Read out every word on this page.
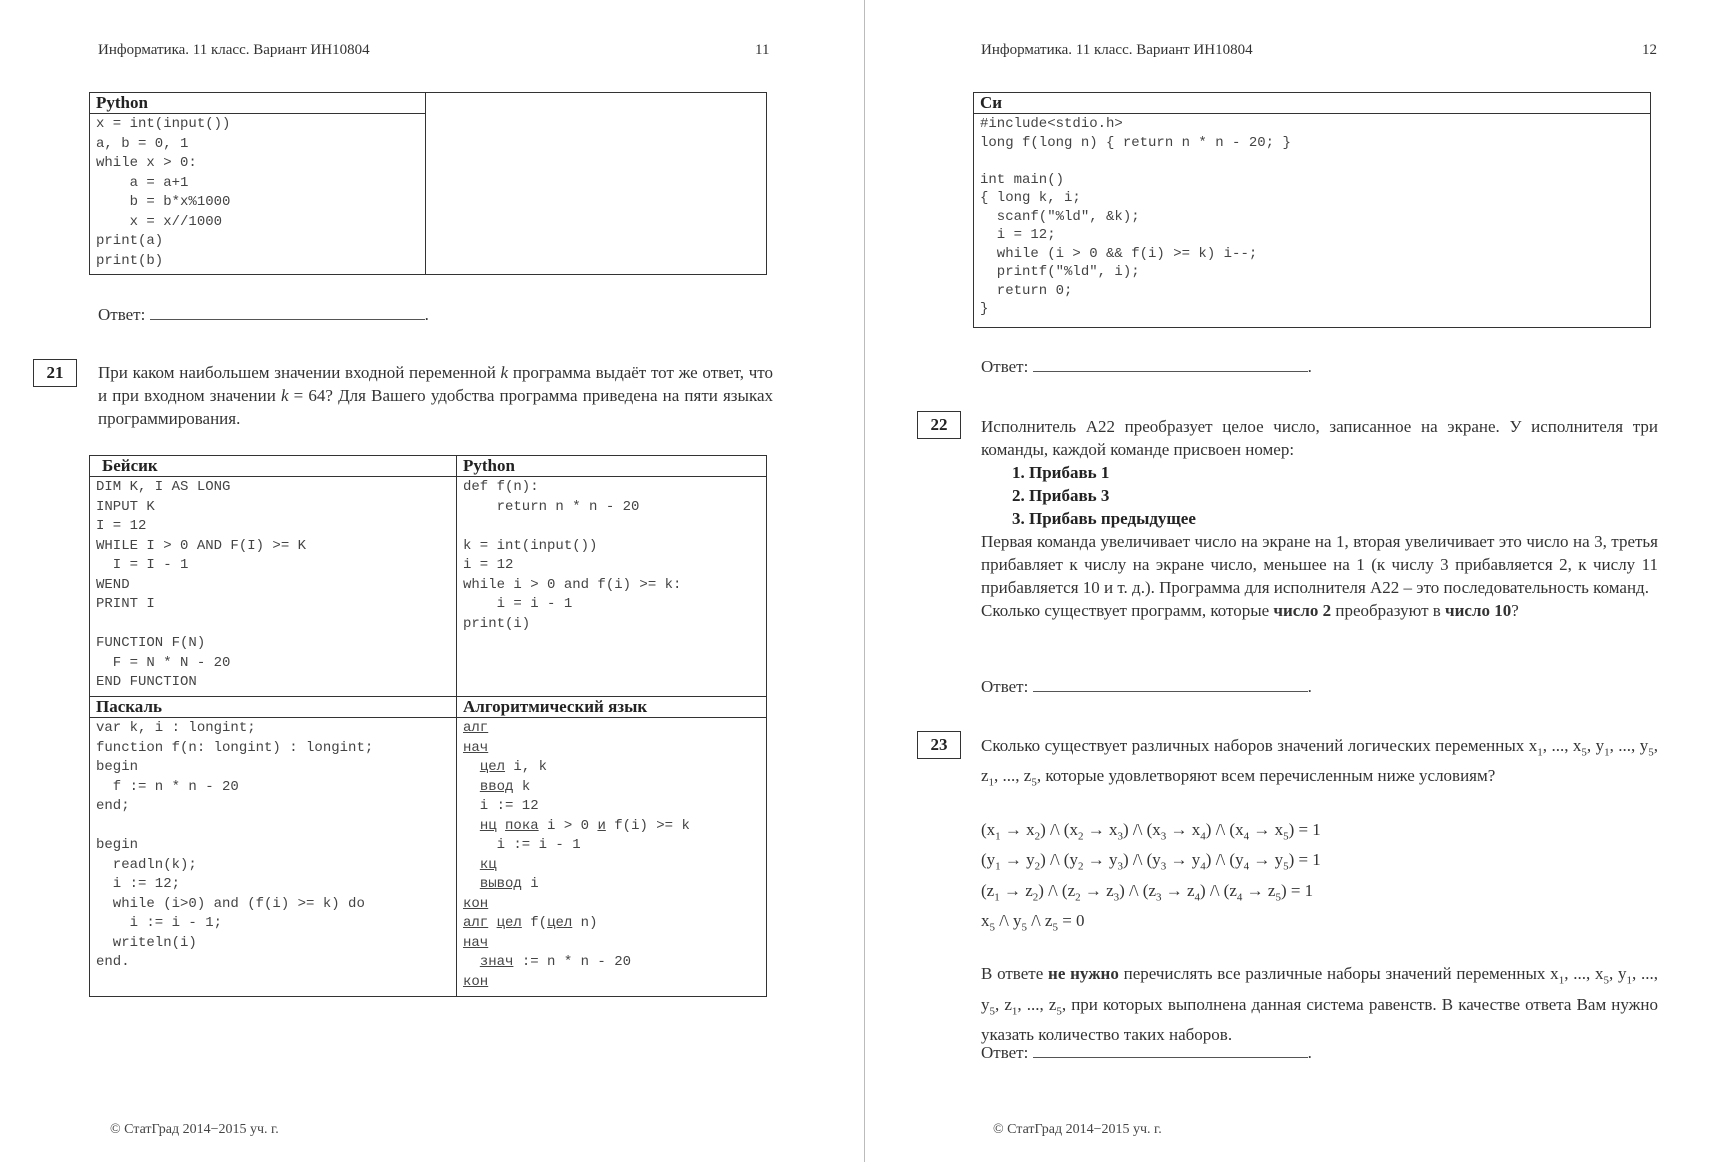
Информатика. 11 класс. Вариант ИН10804	11
Python
x = int(input())
a, b = 0, 1
while x > 0:
a = a+1
b = b*x%1000
x = x//1000
print(a)
print(b)
Ответ:	.
21	При каком наибольшем значении входной переменной k программа выдаёт тот же ответ, что и при входном значении k = 64? Для Вашего удобства программа приведена на пяти языках программирования.
Бейсик
DIM K, I AS LONG
INPUT K
I = 12
WHILE I > 0 AND F(I) >= K
I = I - 1
WEND
PRINT I

FUNCTION F(N)
F = N * N - 20
END FUNCTION
Python
def f(n):
return n * n - 20

k = int(input())
i = 12
while i > 0 and f(i) >= k:
i = i - 1
print(i)
Паскаль
var k, i : longint;
function f(n: longint) : longint;
begin
f := n * n - 20
end;

begin
readln(k);
i := 12;
while (i>0) and (f(i) >= k) do
i := i - 1;
writeln(i)
end.
Алгоритмический язык
алг
нач
цел i, k
ввод k
i := 12
нц пока i > 0 и f(i) >= k
i := i - 1
кц
вывод i
кон
алг цел f(цел n)
нач
знач := n * n - 20
кон
© СтатГрад 2014−2015 уч. г.
Информатика. 11 класс. Вариант ИН10804	12
Си
#include<stdio.h>
long f(long n) { return n * n - 20; }

int main()
{ long k, i;
scanf("%ld", &k);
i = 12;
while (i > 0 && f(i) >= k) i--;
printf("%ld", i);
return 0;
}
Ответ:	.
22	Исполнитель А22 преобразует целое число, записанное на экране. У исполнителя три команды, каждой команде присвоен номер:
1. Прибавь 1
2. Прибавь 3
3. Прибавь предыдущее
Первая команда увеличивает число на экране на 1, вторая увеличивает это число на 3, третья прибавляет к числу на экране число, меньшее на 1 (к числу 3 прибавляется 2, к числу 11 прибавляется 10 и т. д.). Программа для исполнителя А22 – это последовательность команд.
Сколько существует программ, которые число 2 преобразуют в число 10?
Ответ:	.
23	Сколько существует различных наборов значений логических переменных $x_1$, ..., $x_5$, $y_1$, ..., $y_5$, $z_1$, ..., $z_5$, которые удовлетворяют всем перечисленным ниже условиям?
$(x_1 \to x_2)$ /\ $(x_2 \to x_3)$ /\ $(x_3 \to x_4)$ /\ $(x_4 \to x_5) = 1$
$(y_1 \to y_2)$ /\ $(y_2 \to y_3)$ /\ $(y_3 \to y_4)$ /\ $(y_4 \to y_5) = 1$
$(z_1 \to z_2)$ /\ $(z_2 \to z_3)$ /\ $(z_3 \to z_4)$ /\ $(z_4 \to z_5) = 1$
$x_5$ /\ $y_5$ /\ $z_5 = 0$
В ответе не нужно перечислять все различные наборы значений переменных $x_1$, ..., $x_5$, $y_1$, ..., $y_5$, $z_1$, ..., $z_5$, при которых выполнена данная система равенств. В качестве ответа Вам нужно указать количество таких наборов.
Ответ:	.
© СтатГрад 2014−2015 уч. г.
